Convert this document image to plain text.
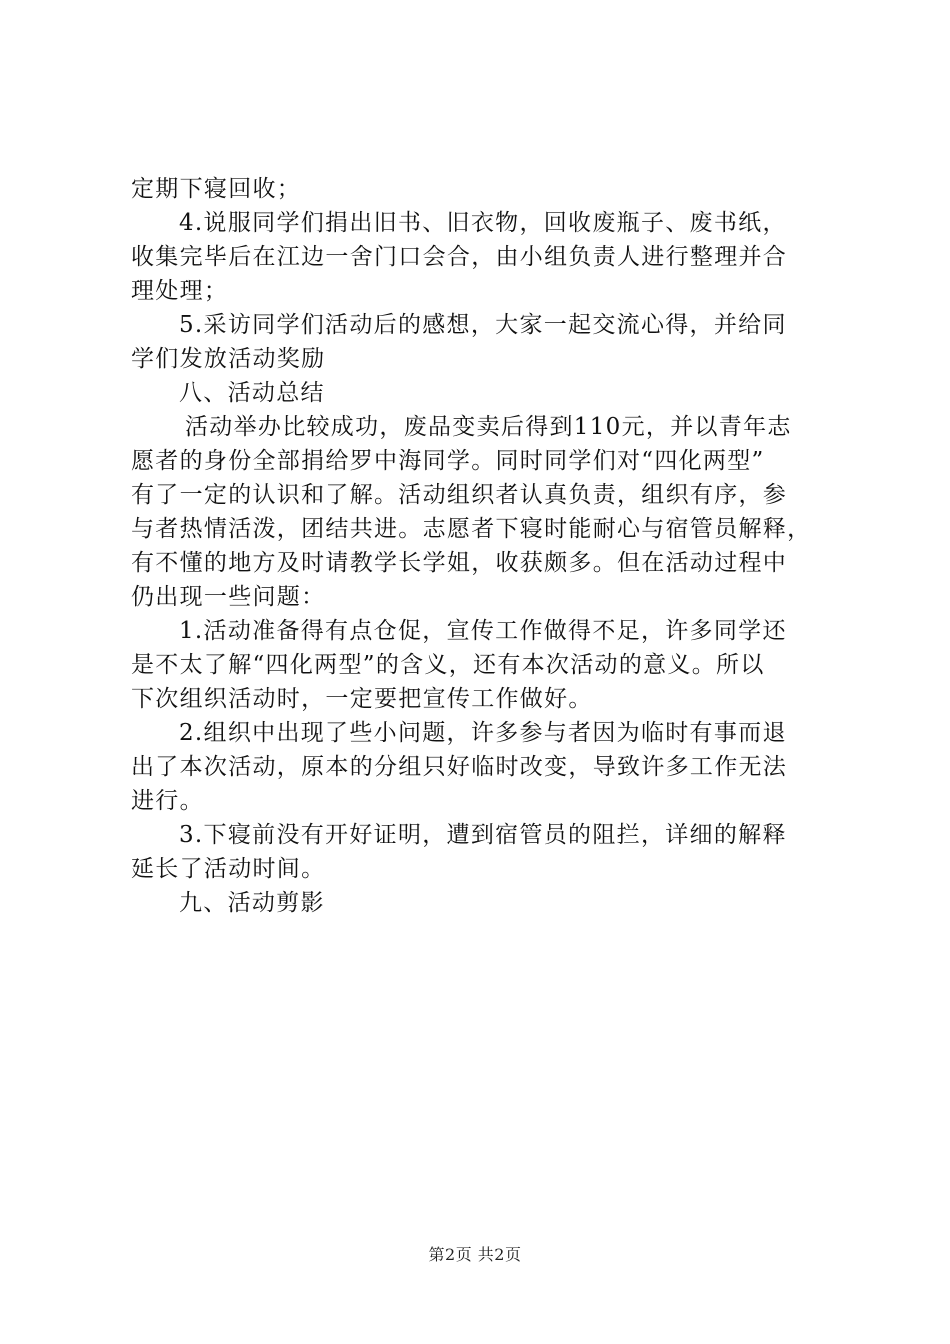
定期下寝回收；
4.说服同学们捐出旧书、旧衣物，回收废瓶子、废书纸，
收集完毕后在江边一舍门口会合，由小组负责人进行整理并合
理处理；
5.采访同学们活动后的感想，大家一起交流心得，并给同
学们发放活动奖励
八、活动总结
活动举办比较成功，废品变卖后得到110元，并以青年志
愿者的身份全部捐给罗中海同学。同时同学们对“四化两型”
有了一定的认识和了解。活动组织者认真负责，组织有序，参
与者热情活泼，团结共进。志愿者下寝时能耐心与宿管员解释，
有不懂的地方及时请教学长学姐，收获颇多。但在活动过程中
仍出现一些问题：
1.活动准备得有点仓促，宣传工作做得不足，许多同学还
是不太了解“四化两型”的含义，还有本次活动的意义。所以
下次组织活动时，一定要把宣传工作做好。
2.组织中出现了些小问题，许多参与者因为临时有事而退
出了本次活动，原本的分组只好临时改变，导致许多工作无法
进行。
3.下寝前没有开好证明，遭到宿管员的阻拦，详细的解释
延长了活动时间。
九、活动剪影
第2页 共2页
